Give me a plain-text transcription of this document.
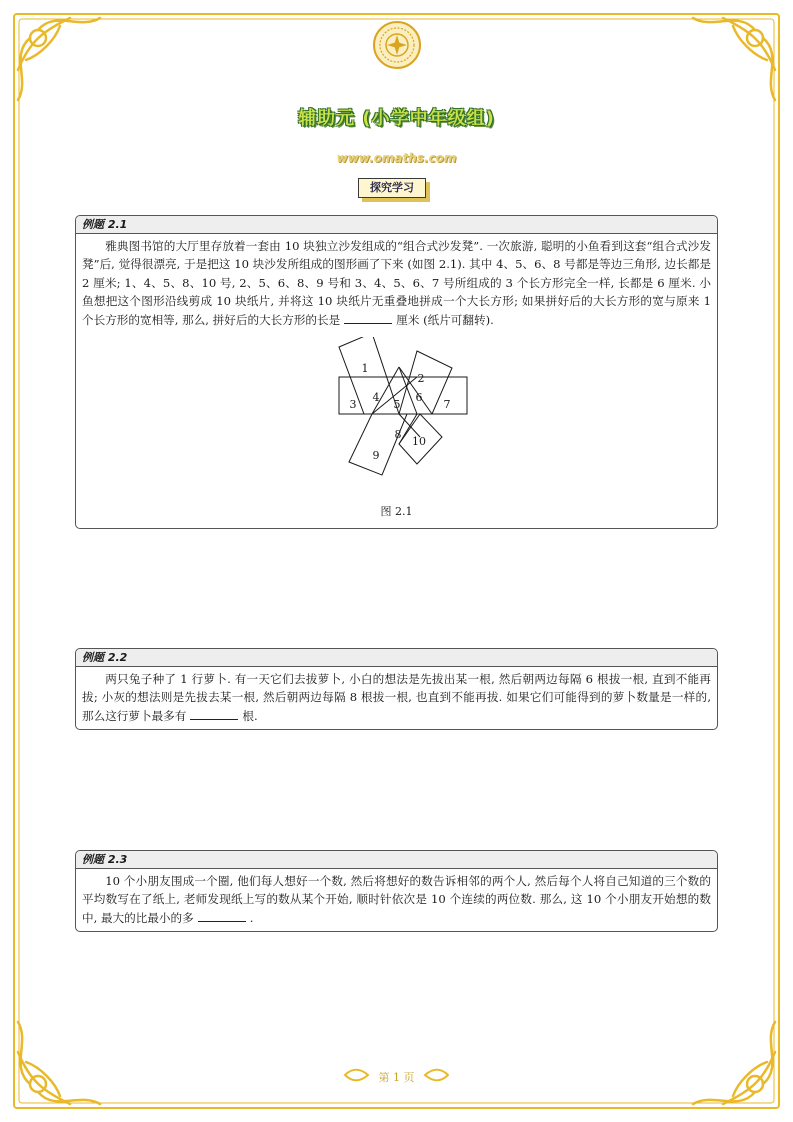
辅助元 (小学中年级组)
www.omaths.com
探究学习
例题 2.1

雅典图书馆的大厅里存放着一套由 10 块独立沙发组成的“组合式沙发凳”. 一次旅游, 聪明的小鱼看到这套“组合式沙发凳”后, 觉得很漂亮, 于是把这 10 块沙发所组成的图形画了下来 (如图 2.1). 其中 4、5、6、8 号都是等边三角形, 边长都是 2 厘米; 1、4、5、8、10 号, 2、5、6、8、9 号和 3、4、5、6、7 号所组成的 3 个长方形完全一样, 长都是 6 厘米. 小鱼想把这个图形沿线剪成 10 块纸片, 并将这 10 块纸片无重叠地拼成一个大长方形; 如果拼好后的大长方形的宽与原来 1 个长方形的宽相等, 那么, 拼好后的大长方形的长是	厘米 (纸片可翻转).

1
2
3
4
5
6
7
8
9
10
图 2.1
例题 2.2

两只兔子种了 1 行萝卜. 有一天它们去拔萝卜, 小白的想法是先拔出某一根, 然后朝两边每隔 6 根拔一根, 直到不能再拔; 小灰的想法则是先拔去某一根, 然后朝两边每隔 8 根拔一根, 也直到不能再拔. 如果它们可能得到的萝卜数量是一样的, 那么这行萝卜最多有	根.

例题 2.3

10 个小朋友围成一个圈, 他们每人想好一个数, 然后将想好的数告诉相邻的两个人, 然后每个人将自己知道的三个数的平均数写在了纸上, 老师发现纸上写的数从某个开始, 顺时针依次是 10 个连续的两位数. 那么, 这 10 个小朋友开始想的数中, 最大的比最小的多	.

第 1 页
